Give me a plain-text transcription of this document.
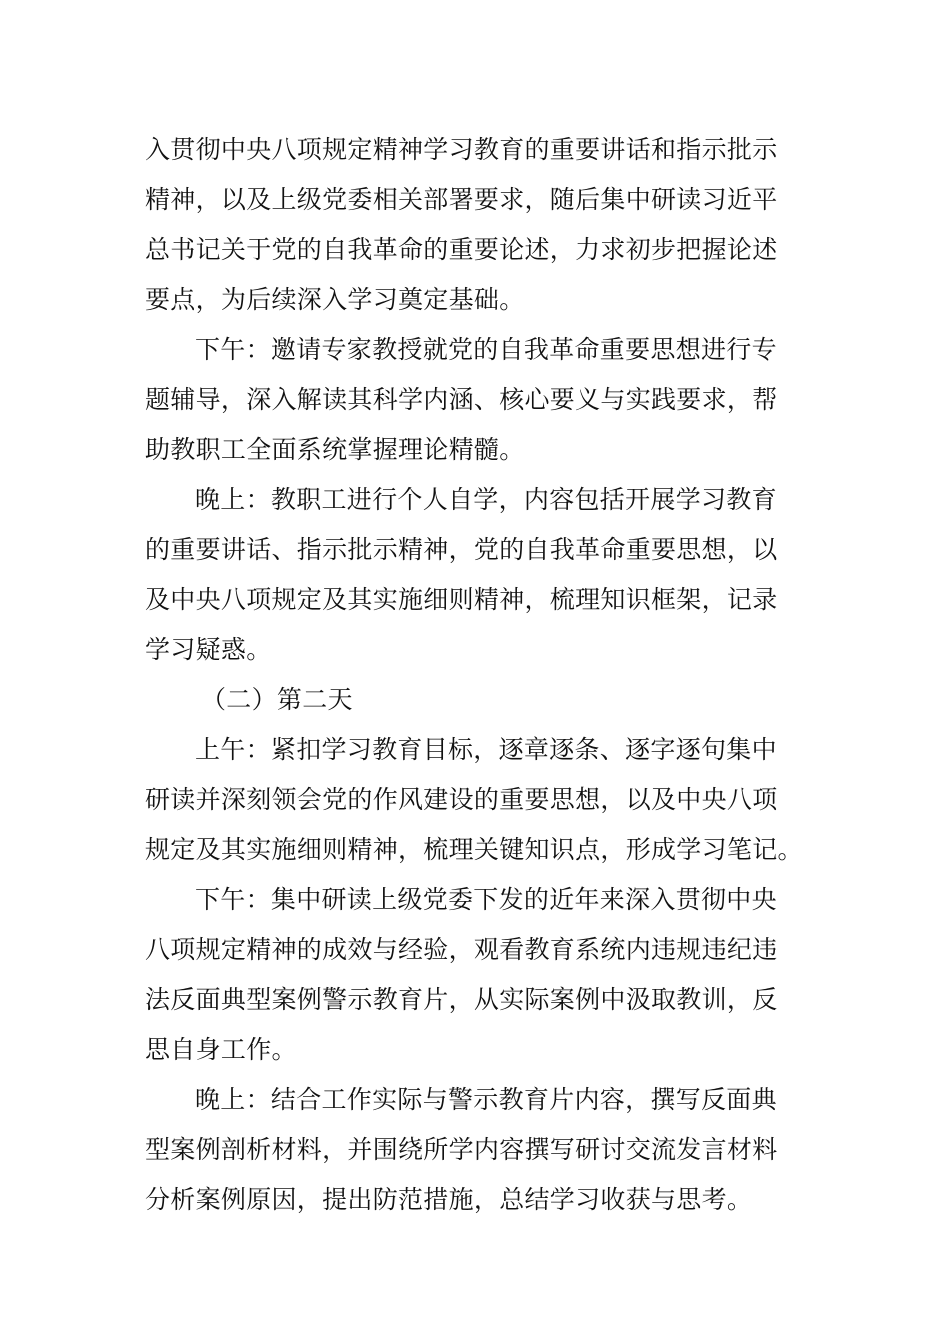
入贯彻中央八项规定精神学习教育的重要讲话和指示批示
精神，以及上级党委相关部署要求，随后集中研读习近平
总书记关于党的自我革命的重要论述，力求初步把握论述
要点，为后续深入学习奠定基础。
下午：邀请专家教授就党的自我革命重要思想进行专
题辅导，深入解读其科学内涵、核心要义与实践要求，帮
助教职工全面系统掌握理论精髓。
晚上：教职工进行个人自学，内容包括开展学习教育
的重要讲话、指示批示精神，党的自我革命重要思想，以
及中央八项规定及其实施细则精神，梳理知识框架，记录
学习疑惑。
（二）第二天
上午：紧扣学习教育目标，逐章逐条、逐字逐句集中
研读并深刻领会党的作风建设的重要思想，以及中央八项
规定及其实施细则精神，梳理关键知识点，形成学习笔记。
下午：集中研读上级党委下发的近年来深入贯彻中央
八项规定精神的成效与经验，观看教育系统内违规违纪违
法反面典型案例警示教育片，从实际案例中汲取教训，反
思自身工作。
晚上：结合工作实际与警示教育片内容，撰写反面典
型案例剖析材料，并围绕所学内容撰写研讨交流发言材料
分析案例原因，提出防范措施，总结学习收获与思考。
